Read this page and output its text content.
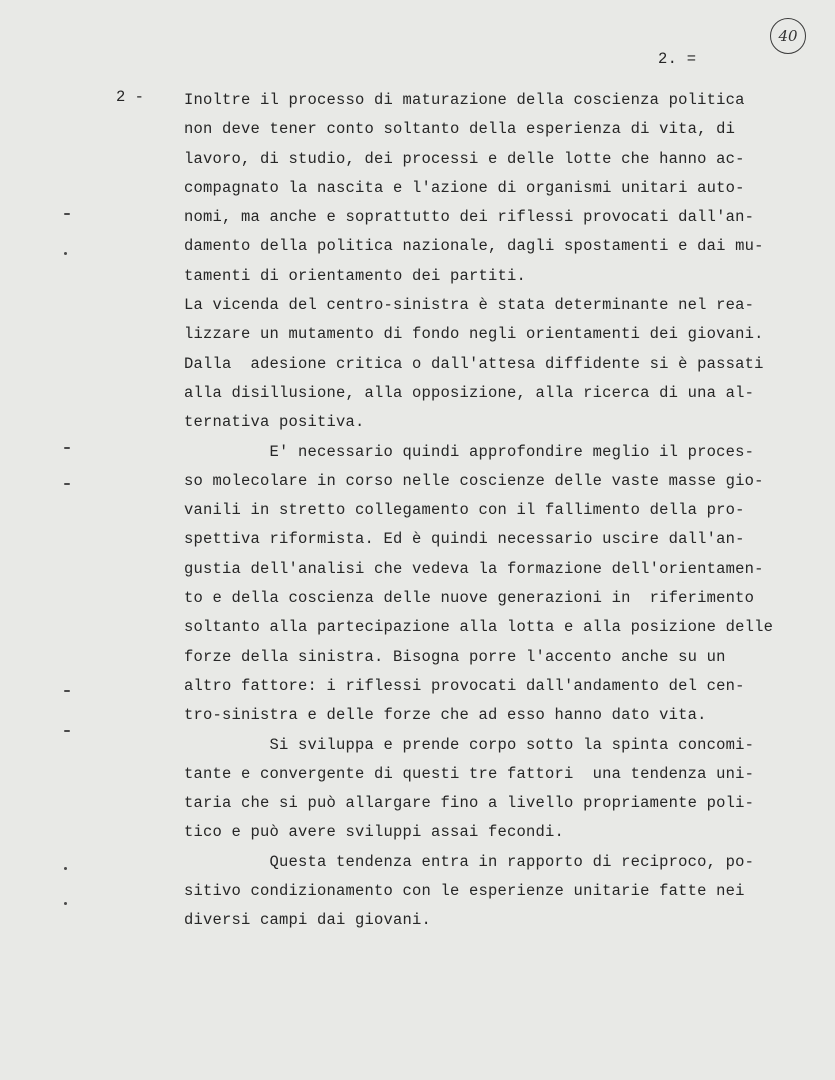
40
2. =
2 -	Inoltre il processo di maturazione della coscienza politica
non deve tener conto soltanto della esperienza di vita, di
lavoro, di studio, dei processi e delle lotte che hanno ac-
compagnato la nascita e l'azione di organismi unitari auto-
nomi, ma anche e soprattutto dei riflessi provocati dall'an-
damento della politica nazionale, dagli spostamenti e dai mu-
tamenti di orientamento dei partiti.
La vicenda del centro-sinistra è stata determinante nel rea-
lizzare un mutamento di fondo negli orientamenti dei giovani.
Dalla  adesione critica o dall'attesa diffidente si è passati
alla disillusione, alla opposizione, alla ricerca di una al-
ternativa positiva.
E' necessario quindi approfondire meglio il proces-
so molecolare in corso nelle coscienze delle vaste masse gio-
vanili in stretto collegamento con il fallimento della pro-
spettiva riformista. Ed è quindi necessario uscire dall'an-
gustia dell'analisi che vedeva la formazione dell'orientamen-
to e della coscienza delle nuove generazioni in  riferimento
soltanto alla partecipazione alla lotta e alla posizione delle
forze della sinistra. Bisogna porre l'accento anche su un
altro fattore: i riflessi provocati dall'andamento del cen-
tro-sinistra e delle forze che ad esso hanno dato vita.
Si sviluppa e prende corpo sotto la spinta concomi-
tante e convergente di questi tre fattori  una tendenza uni-
taria che si può allargare fino a livello propriamente poli-
tico e può avere sviluppi assai fecondi.
Questa tendenza entra in rapporto di reciproco, po-
sitivo condizionamento con le esperienze unitarie fatte nei
diversi campi dai giovani.
